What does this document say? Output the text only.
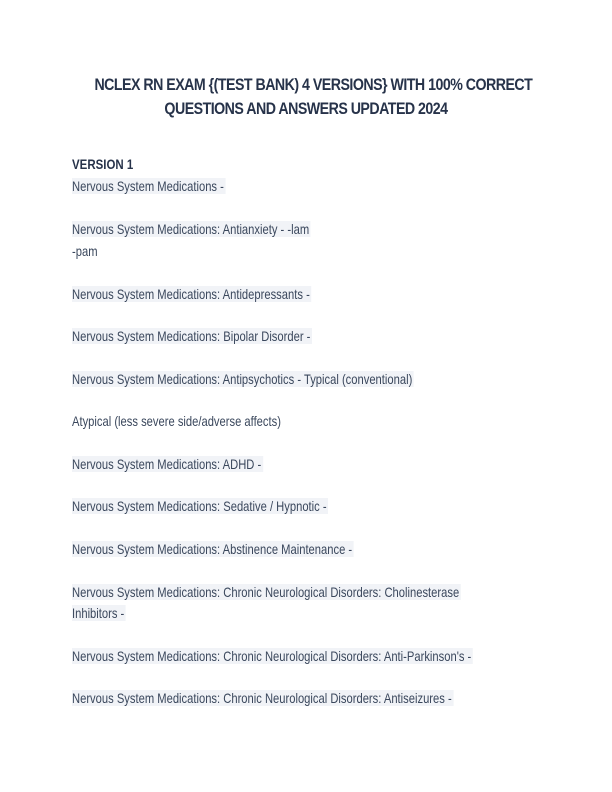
NCLEX RN EXAM {(TEST BANK) 4 VERSIONS} WITH 100% CORRECT
QUESTIONS AND ANSWERS UPDATED 2024
VERSION 1
Nervous System Medications -
Nervous System Medications: Antianxiety - -lam
-pam
Nervous System Medications: Antidepressants -
Nervous System Medications: Bipolar Disorder -
Nervous System Medications: Antipsychotics - Typical (conventional)
Atypical (less severe side/adverse affects)
Nervous System Medications: ADHD -
Nervous System Medications: Sedative / Hypnotic -
Nervous System Medications: Abstinence Maintenance -
Nervous System Medications: Chronic Neurological Disorders: Cholinesterase
Inhibitors -
Nervous System Medications: Chronic Neurological Disorders: Anti-Parkinson's -
Nervous System Medications: Chronic Neurological Disorders: Antiseizures -
